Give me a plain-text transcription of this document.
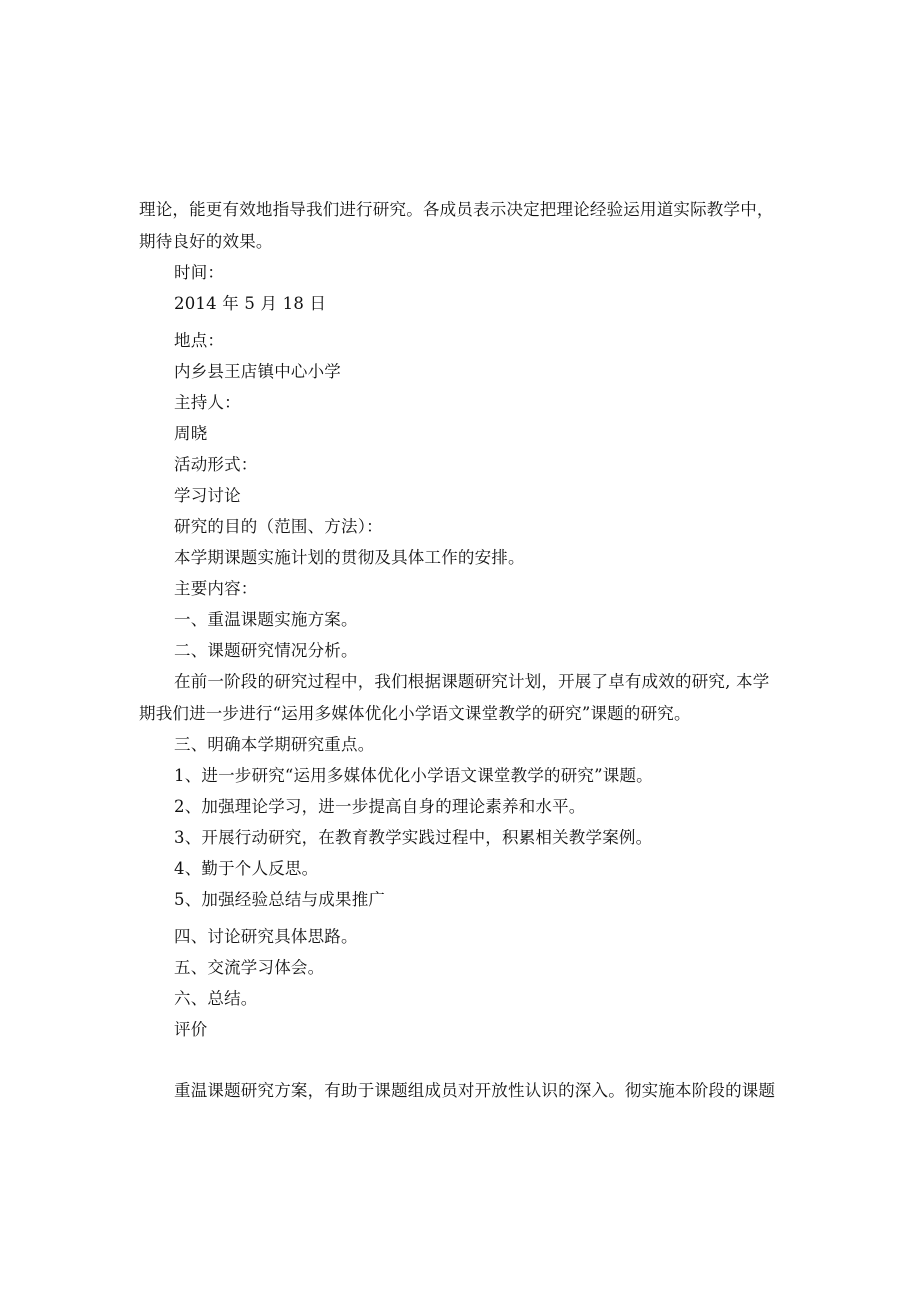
理论，能更有效地指导我们进行研究。各成员表示决定把理论经验运用道实际教学中，
期待良好的效果。
时间：
2014 年 5 月 18 日
地点：
内乡县王店镇中心小学
主持人：
周晓
活动形式：
学习讨论
研究的目的（范围、方法）：
本学期课题实施计划的贯彻及具体工作的安排。
主要内容：
一、重温课题实施方案。
二、课题研究情况分析。
在前一阶段的研究过程中，我们根据课题研究计划，开展了卓有成效的研究, 本学
期我们进一步进行“运用多媒体优化小学语文课堂教学的研究”课题的研究。
三、明确本学期研究重点。
1、进一步研究“运用多媒体优化小学语文课堂教学的研究”课题。
2、加强理论学习，进一步提高自身的理论素养和水平。
3、开展行动研究，在教育教学实践过程中，积累相关教学案例。
4、勤于个人反思。
5、加强经验总结与成果推广
四、讨论研究具体思路。
五、交流学习体会。
六、总结。
评价
重温课题研究方案，有助于课题组成员对开放性认识的深入。彻实施本阶段的课题
